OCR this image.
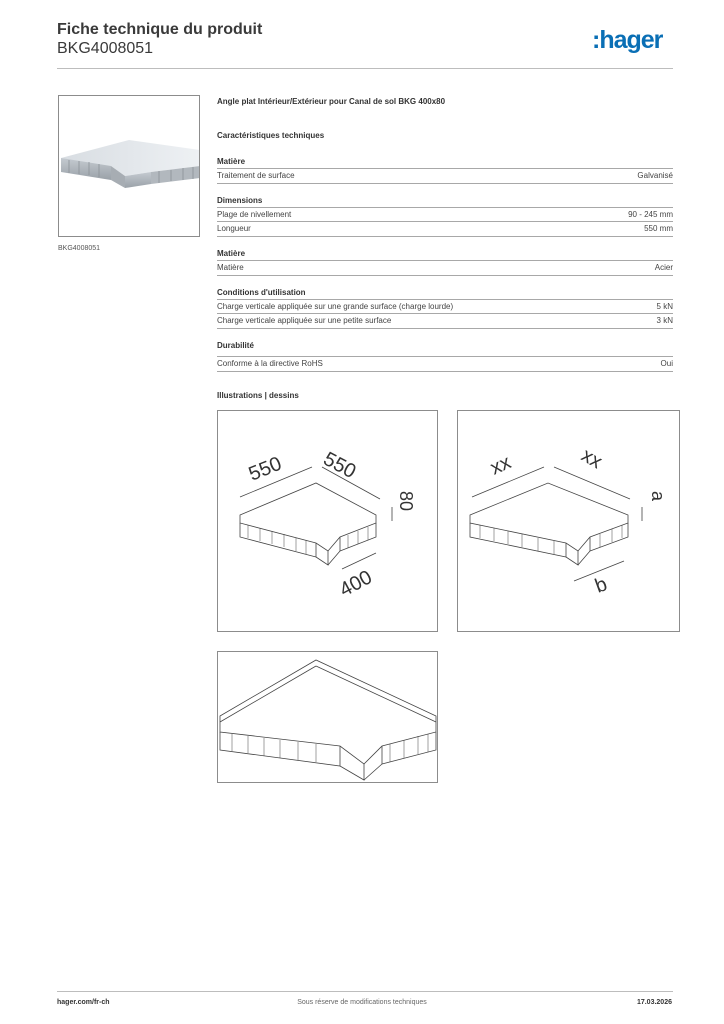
Fiche technique du produit
BKG4008051	:hager
BKG4008051
Angle plat Intérieur/Extérieur pour Canal de sol BKG 400x80
Caractéristiques techniques
Matière
Traitement de surface	Galvanisé
Dimensions
Plage de nivellement	90 - 245 mm
Longueur	550 mm
Matière
Matière	Acier
Conditions d'utilisation
Charge verticale appliquée sur une grande surface (charge lourde)	5 kN
Charge verticale appliquée sur une petite surface	3 kN
Durabilité
Conforme à la directive RoHS	Oui
Illustrations | dessins
550 550
80
400
xx	xx
a
b
Sous réserve de modifications techniques
hager.com/fr-ch	17.03.2026
